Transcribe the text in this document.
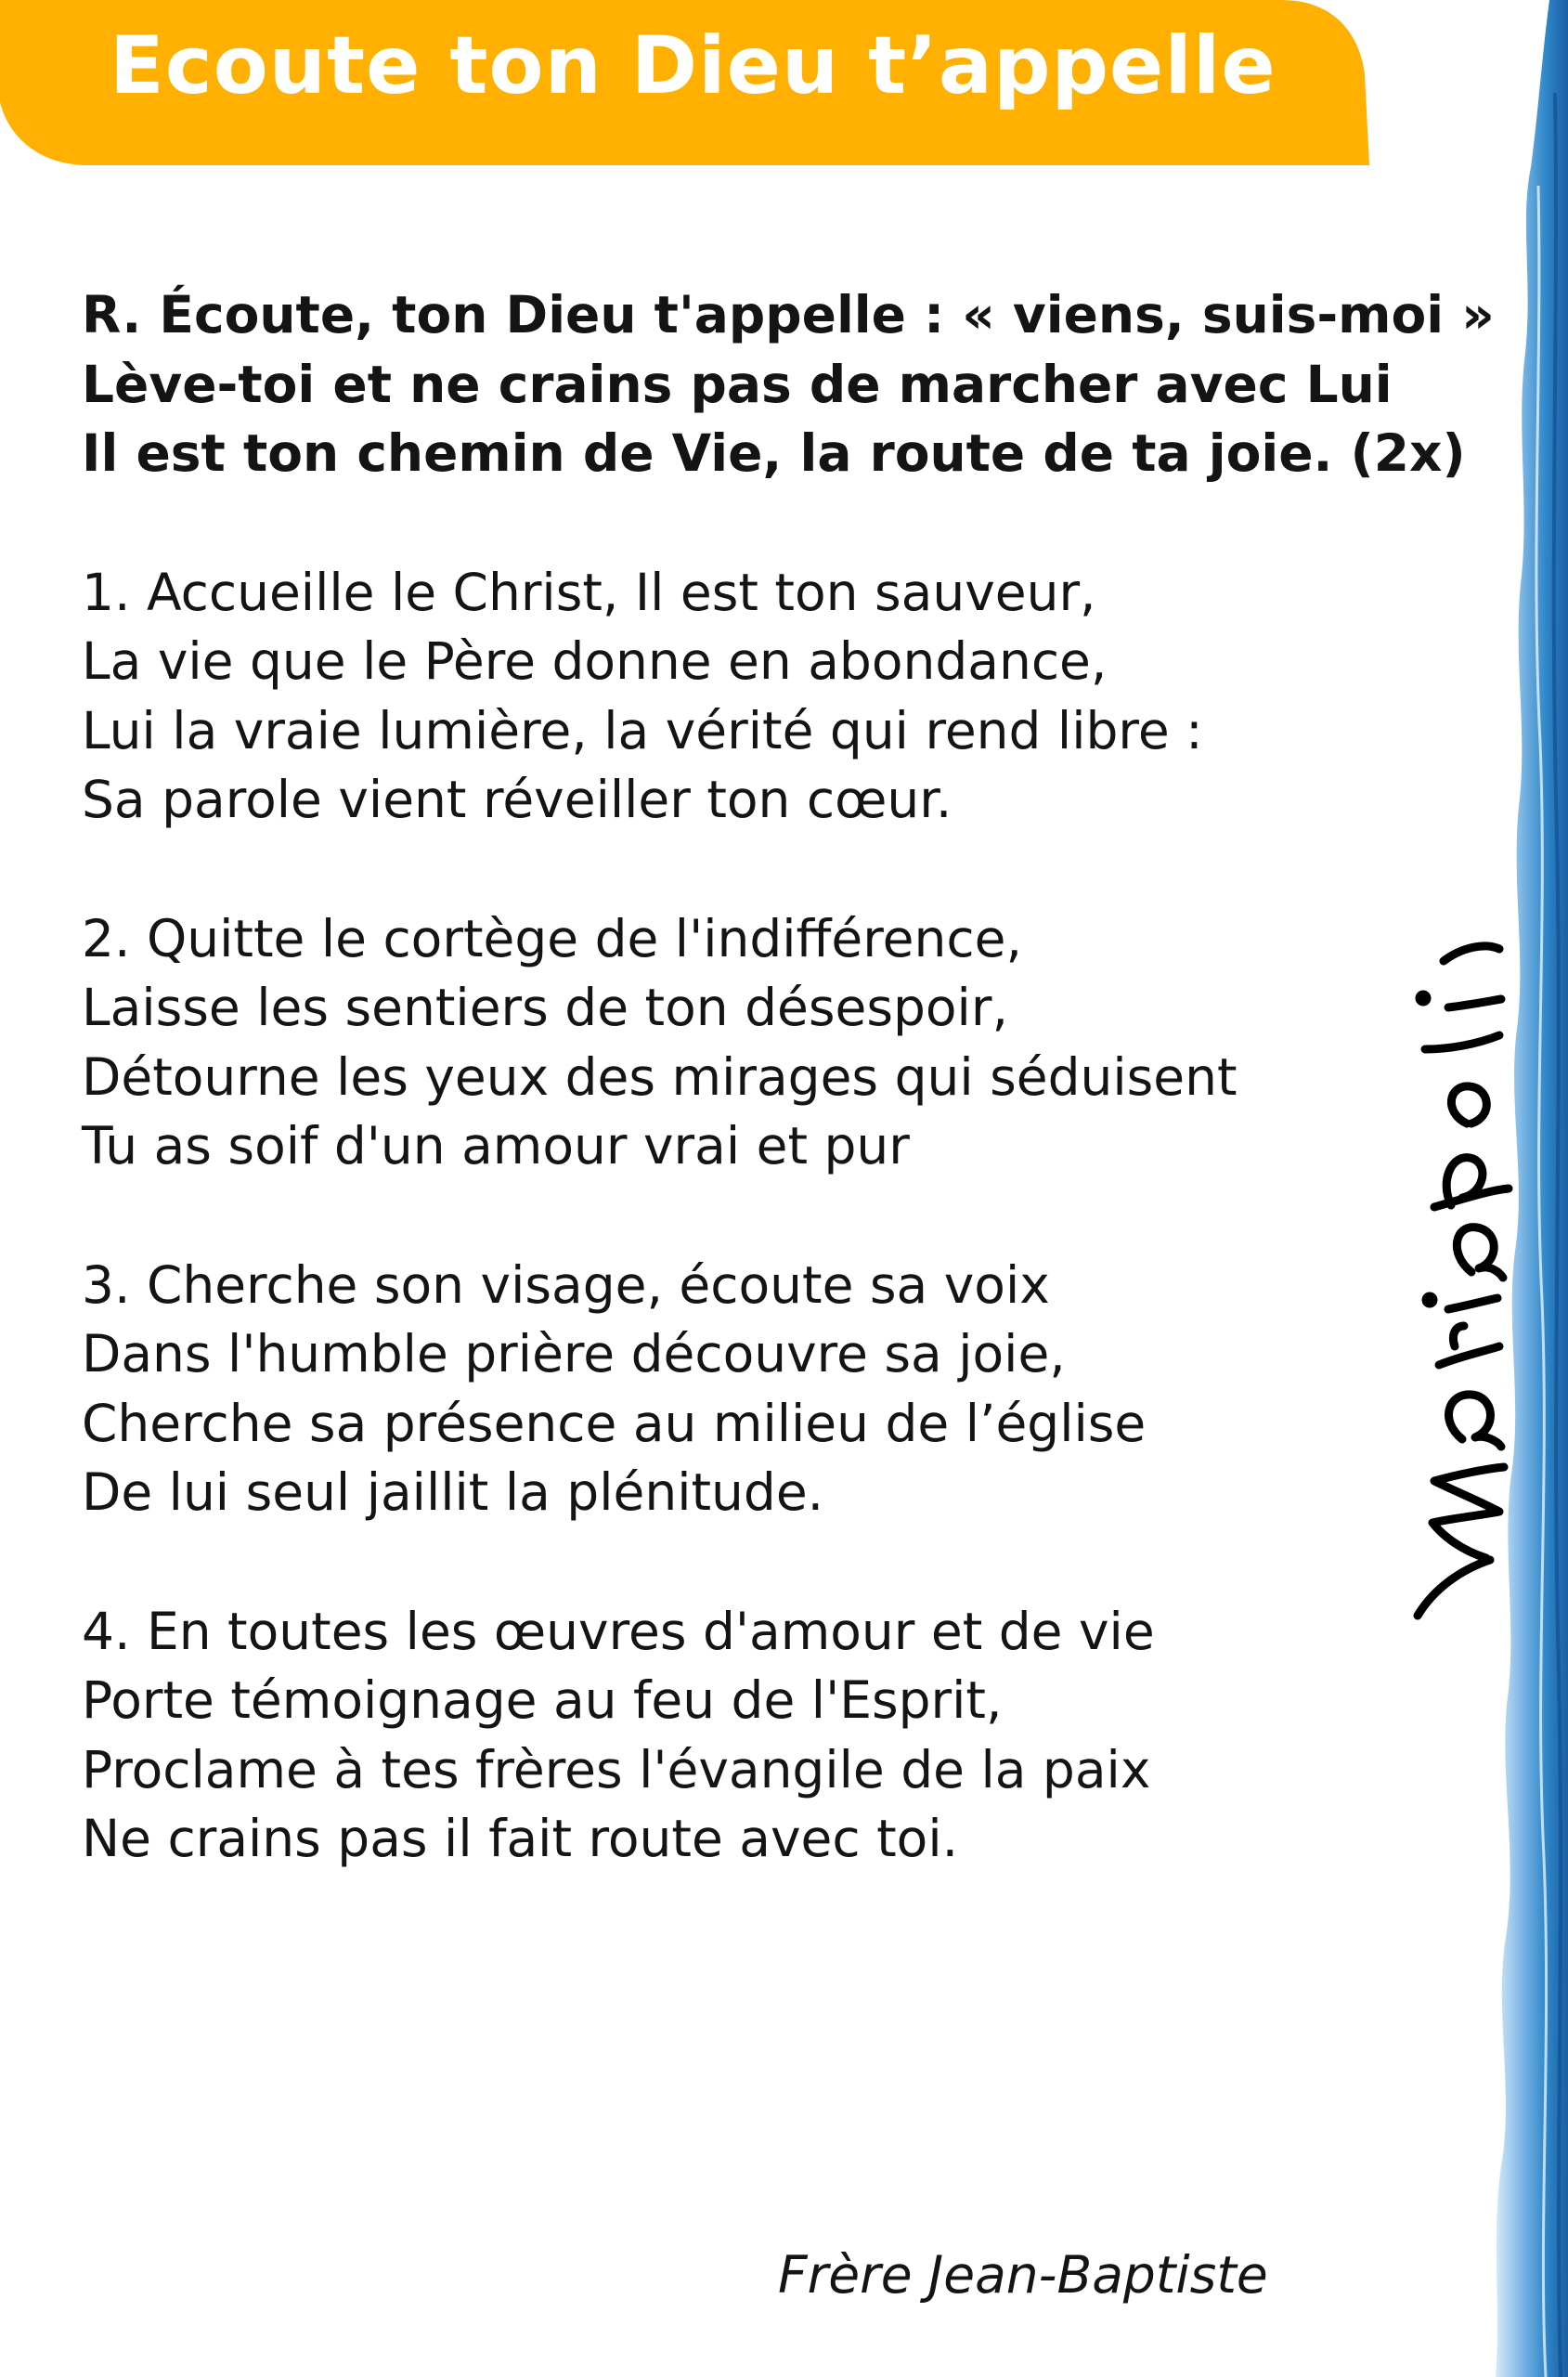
Ecoute ton Dieu t’appelle
R. Écoute, ton Dieu t'appelle : « viens, suis-moi »
Lève-toi et ne crains pas de marcher avec Lui
Il est ton chemin de Vie, la route de ta joie. (2x)
1. Accueille le Christ, Il est ton sauveur,
La vie que le Père donne en abondance,
Lui la vraie lumière, la vérité qui rend libre :
Sa parole vient réveiller ton cœur.
2. Quitte le cortège de l'indifférence,
Laisse les sentiers de ton désespoir,
Détourne les yeux des mirages qui séduisent
Tu as soif d'un amour vrai et pur
3. Cherche son visage, écoute sa voix
Dans l'humble prière découvre sa joie,
Cherche sa présence au milieu de l’église
De lui seul jaillit la plénitude.
4. En toutes les œuvres d'amour et de vie
Porte témoignage au feu de l'Esprit,
Proclame à tes frères l'évangile de la paix
Ne crains pas il fait route avec toi.
Frère Jean-Baptiste
